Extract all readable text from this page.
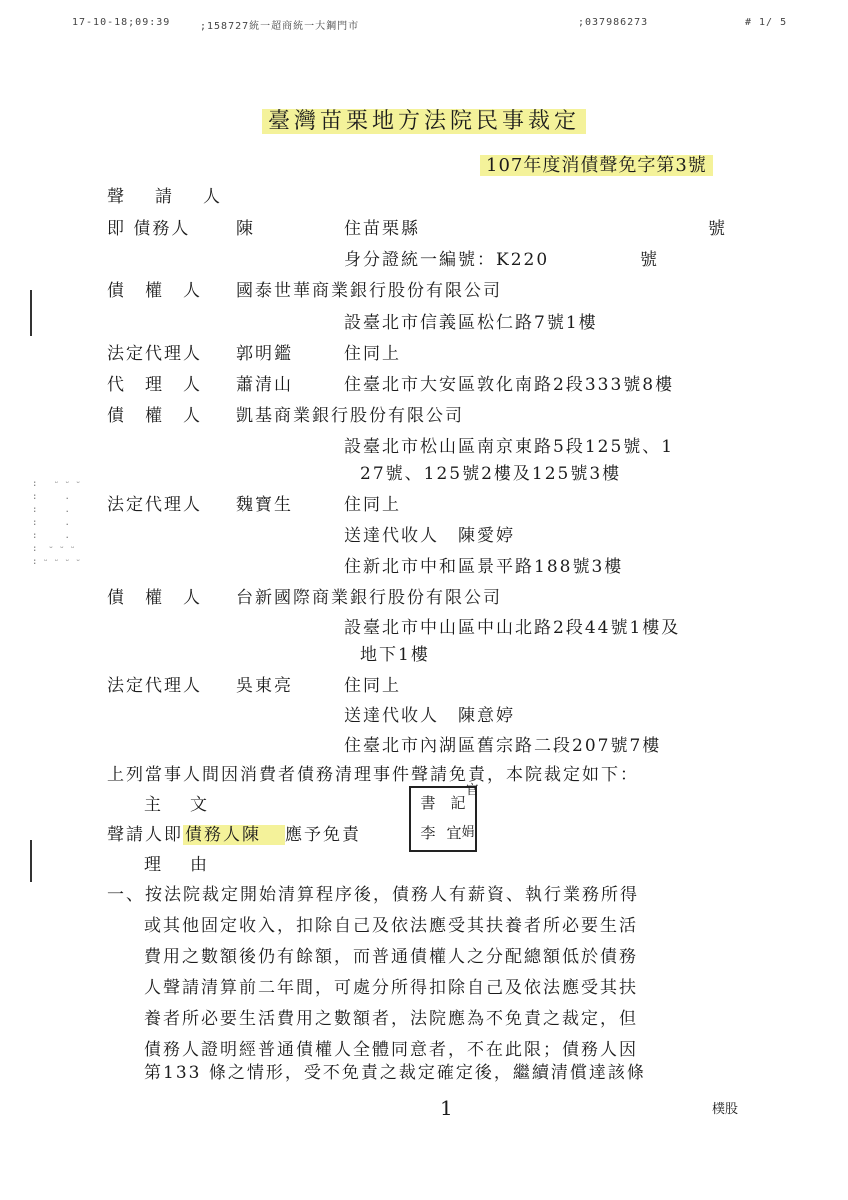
17-10-18;09:39	;158727統一超商統一大鋼門市	;037986273	# 1/ 5
臺灣苗栗地方法院民事裁定
107年度消債聲免字第3號
:   ᵕ ᵕ ᵕ
:     .
:     .
:     .
:     .
:  ᵕ ᵕ ᵕ
: ᵕ ᵕ ᵕ ᵕ
聲　請　人
即 債務人	陳	住苗栗縣	號
身分證統一編號：K220	號
債　權　人 國泰世華商業銀行股份有限公司
設臺北市信義區松仁路7號1樓
法定代理人 郭明鑑	住同上
代　理　人 蕭清山	住臺北市大安區敦化南路2段333號8樓
債　權　人 凱基商業銀行股份有限公司
設臺北市松山區南京東路5段125號、1
27號、125號2樓及125號3樓
法定代理人 魏寶生	住同上
送達代收人　陳愛婷
住新北市中和區景平路188號3樓
債　權　人 台新國際商業銀行股份有限公司
設臺北市中山區中山北路2段44號1樓及
地下1樓
法定代理人 吳東亮	住同上
送達代收人　陳意婷
住臺北市內湖區舊宗路二段207號7樓
上列當事人間因消費者債務清理事件聲請免責，本院裁定如下：
主　文
聲請人即 債務人陳 應予免責
書 記
官
李 宜 娟
理　由
一、按法院裁定開始清算程序後，債務人有薪資、執行業務所得
或其他固定收入，扣除自己及依法應受其扶養者所必要生活
費用之數額後仍有餘額，而普通債權人之分配總額低於債務
人聲請清算前二年間，可處分所得扣除自己及依法應受其扶
養者所必要生活費用之數額者，法院應為不免責之裁定，但
債務人證明經普通債權人全體同意者，不在此限；債務人因
第133 條之情形，受不免責之裁定確定後，繼續清償達該條
1	樸股
